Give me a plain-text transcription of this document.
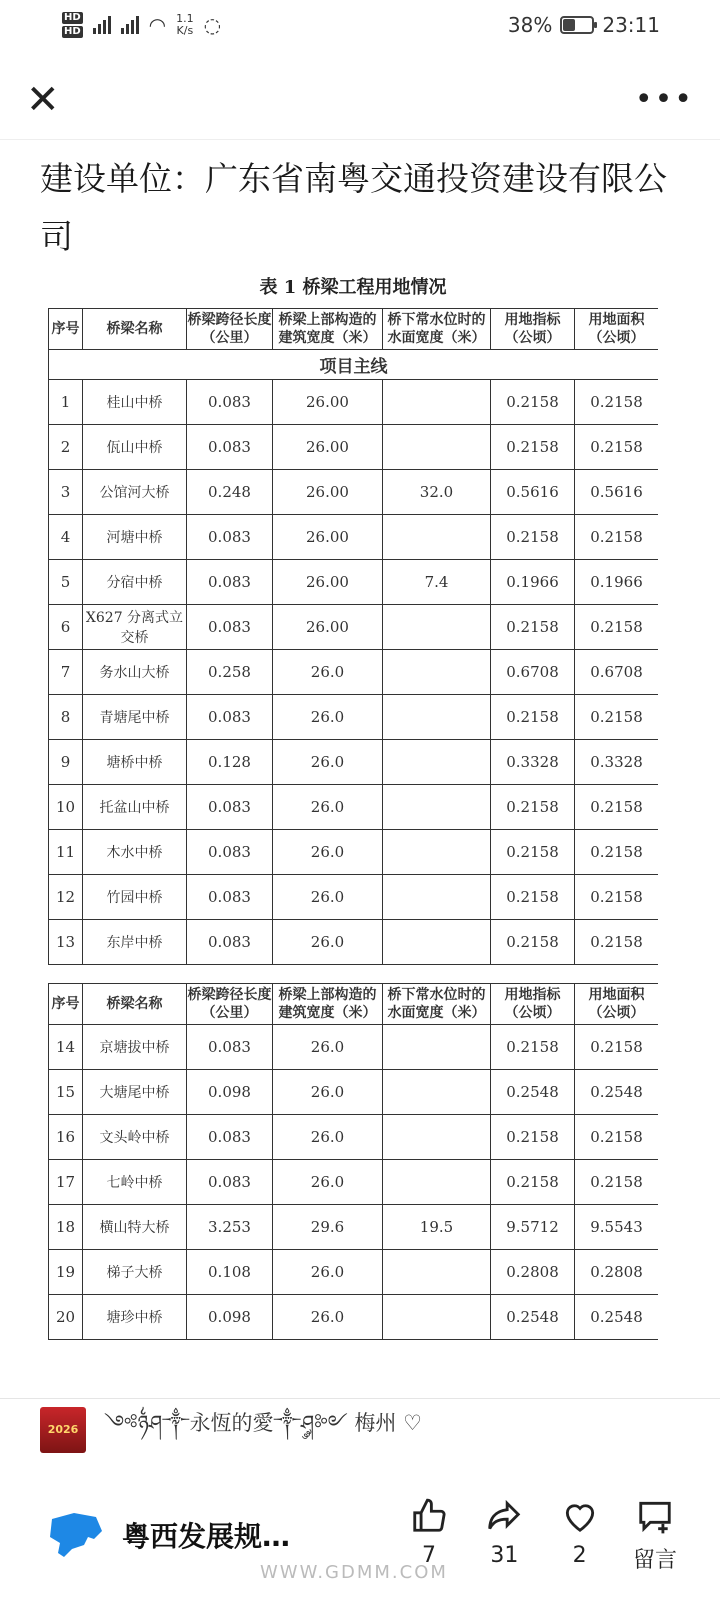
HD
HD	◠ 1.1
K/s ◌	38%	23:11
✕	•••
建设单位：广东省南粤交通投资建设有限公司
表 1 桥梁工程用地情况
序号	桥梁名称	桥梁跨径长度（公里）	桥梁上部构造的建筑宽度（米）	桥下常水位时的水面宽度（米）	用地指标（公顷）	用地面积（公顷）
项目主线						
1	桂山中桥	0.083	26.00		0.2158	0.2158
2	佤山中桥	0.083	26.00		0.2158	0.2158
3	公馆河大桥	0.248	26.00	32.0	0.5616	0.5616
4	河塘中桥	0.083	26.00		0.2158	0.2158
5	分宿中桥	0.083	26.00	7.4	0.1966	0.1966
6	X627 分离式立交桥	0.083	26.00		0.2158	0.2158
7	务水山大桥	0.258	26.0		0.6708	0.6708
8	青塘尾中桥	0.083	26.0		0.2158	0.2158
9	塘桥中桥	0.128	26.0		0.3328	0.3328
10	托盆山中桥	0.083	26.0		0.2158	0.2158
11	木水中桥	0.083	26.0		0.2158	0.2158
12	竹园中桥	0.083	26.0		0.2158	0.2158
13	东岸中桥	0.083	26.0		0.2158	0.2158
序号	桥梁名称	桥梁跨径长度（公里）	桥梁上部构造的建筑宽度（米）	桥下常水位时的水面宽度（米）	用地指标（公顷）	用地面积（公顷）
14	京塘拔中桥	0.083	26.0		0.2158	0.2158
15	大塘尾中桥	0.098	26.0		0.2548	0.2548
16	文头岭中桥	0.083	26.0		0.2158	0.2158
17	七岭中桥	0.083	26.0		0.2158	0.2158
18	横山特大桥	3.253	29.6	19.5	9.5712	9.5543
19	梯子大桥	0.108	26.0		0.2808	0.2808
20	塘珍中桥	0.098	26.0		0.2548	0.2548
2026	༺ཉ྆ཤ༒永恆的愛༒ཤ༘༻ 梅州 ♡
粤西发展规…
7 31 2 留言
WWW.GDMM.COM
